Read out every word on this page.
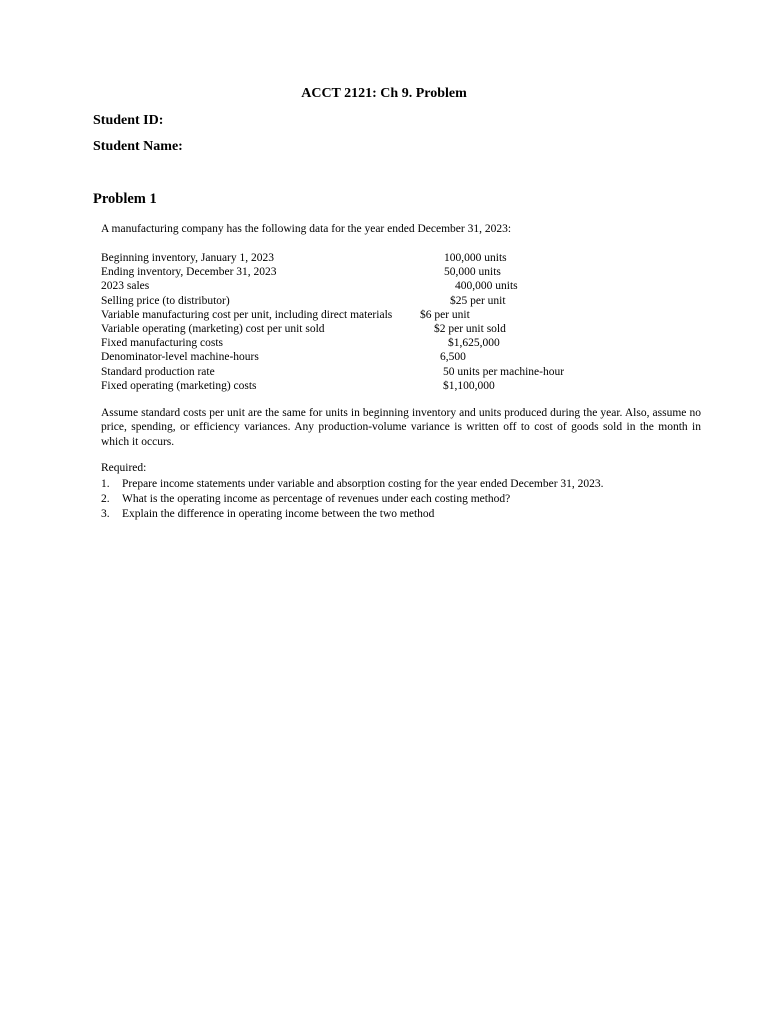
ACCT 2121: Ch 9. Problem
Student ID:
Student Name:
Problem 1
A manufacturing company has the following data for the year ended December 31, 2023:
Beginning inventory, January 1, 2023	100,000 units
Ending inventory, December 31, 2023	50,000 units
2023 sales	400,000 units
Selling price (to distributor)	$25 per unit
Variable manufacturing cost per unit, including direct materials $6 per unit
Variable operating (marketing) cost per unit sold	$2 per unit sold
Fixed manufacturing costs	$1,625,000
Denominator-level machine-hours	6,500
Standard production rate	50 units per machine-hour
Fixed operating (marketing) costs	$1,100,000
Assume standard costs per unit are the same for units in beginning inventory and units produced during the year. Also, assume no price, spending, or efficiency variances. Any production-volume variance is written off to cost of goods sold in the month in which it occurs.
Required:
1. Prepare income statements under variable and absorption costing for the year ended December 31, 2023.
2. What is the operating income as percentage of revenues under each costing method?
3. Explain the difference in operating income between the two method
